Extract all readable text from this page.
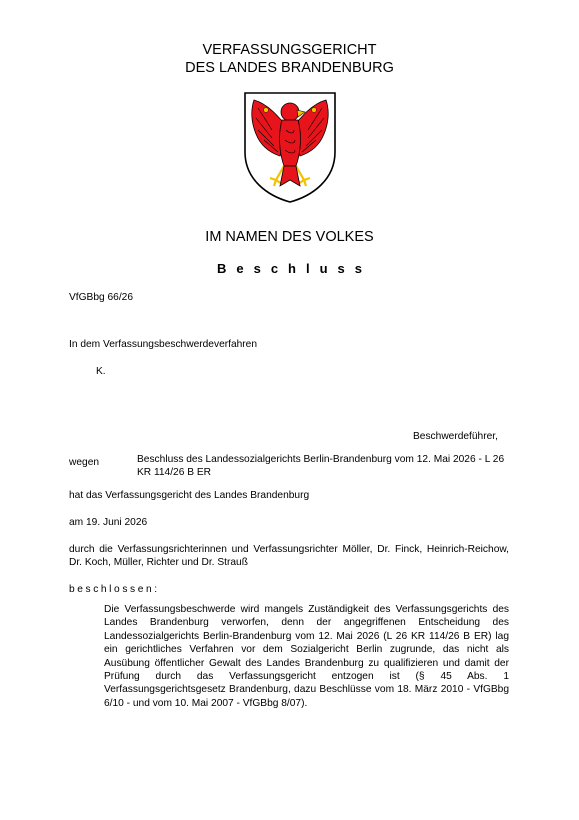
VERFASSUNGSGERICHT
DES LANDES BRANDENBURG
IM NAMEN DES VOLKES
Beschluss
VfGBbg 66/26
In dem Verfassungsbeschwerdeverfahren
K.
Beschwerdeführer,
wegen	Beschluss des Landessozialgerichts Berlin-Brandenburg vom 12. Mai 2026 - L 26 KR 114/26 B ER
hat das Verfassungsgericht des Landes Brandenburg
am 19. Juni 2026
durch die Verfassungsrichterinnen und Verfassungsrichter Möller, Dr. Finck, Heinrich-Reichow, Dr. Koch, Müller, Richter und Dr. Strauß
beschlossen:
Die Verfassungsbeschwerde wird mangels Zuständigkeit des Verfassungsgerichts des Landes Brandenburg verworfen, denn der angegriffenen Entscheidung des Landessozialgerichts Berlin-Brandenburg vom 12. Mai 2026 (L 26 KR 114/26 B ER) lag ein gerichtliches Verfahren vor dem Sozialgericht Berlin zugrunde, das nicht als Ausübung öffentlicher Gewalt des Landes Brandenburg zu qualifizieren und damit der Prüfung durch das Verfassungsgericht entzogen ist (§ 45 Abs. 1 Verfassungsgerichtsgesetz Brandenburg, dazu Beschlüsse vom 18. März 2010 - VfGBbg 6/10 - und vom 10. Mai 2007 - VfGBbg 8/07).
